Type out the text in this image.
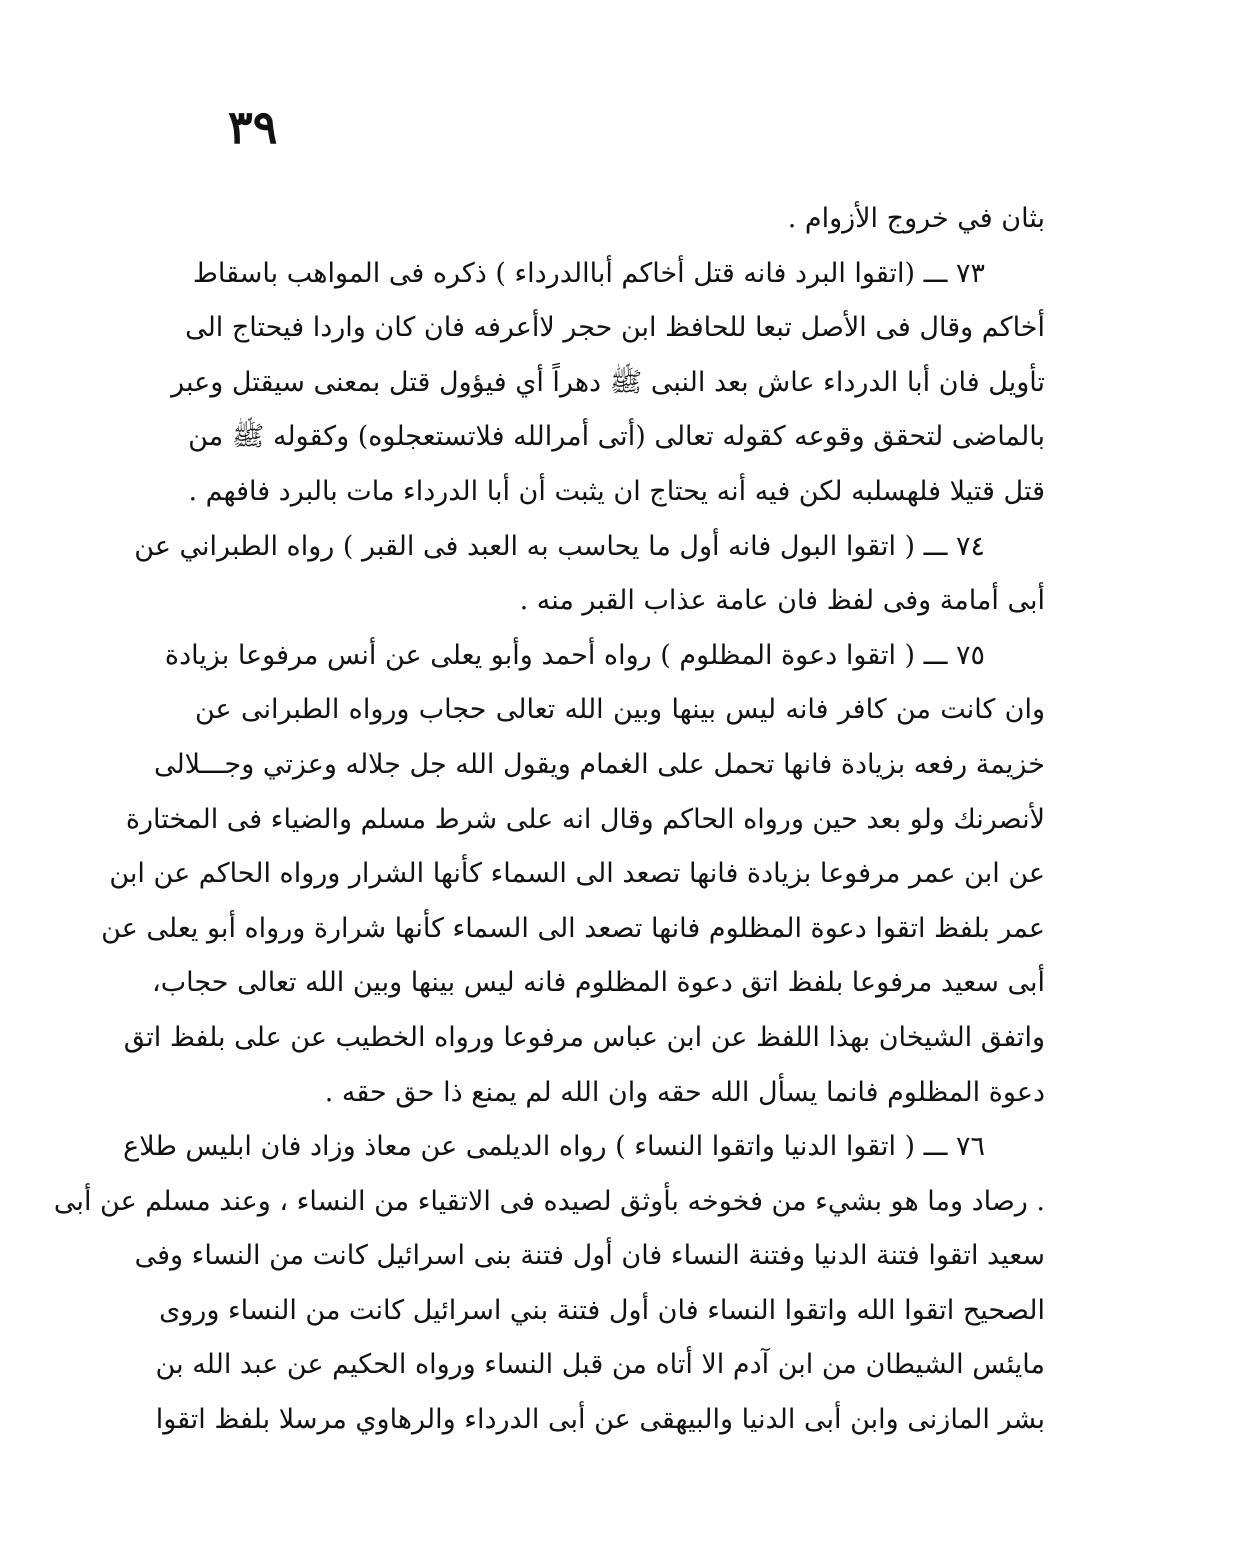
٣٩
بثان في خروج الأزوام .
٧٣ ـــ (اتقوا البرد فانه قتل أخاكم أباالدرداء ) ذكره فى المواهب باسقاط
أخاكم وقال فى الأصل تبعا للحافظ ابن حجر لاأعرفه فان كان واردا فيحتاج الى
تأويل فان أبا الدرداء عاش بعد النبى ﷺ دهراً أي فيؤول قتل بمعنى سيقتل وعبر
بالماضى لتحقق وقوعه كقوله تعالى (أتى أمرالله فلاتستعجلوه) وكقوله ﷺ من
قتل قتيلا فلهسلبه لكن فيه أنه يحتاج ان يثبت أن أبا الدرداء مات بالبرد فافهم .
٧٤ ـــ ( اتقوا البول فانه أول ما يحاسب به العبد فى القبر ) رواه الطبراني عن
أبى أمامة وفى لفظ فان عامة عذاب القبر منه .
٧٥ ـــ ( اتقوا دعوة المظلوم ) رواه أحمد وأبو يعلى عن أنس مرفوعا بزيادة
وان كانت من كافر فانه ليس بينها وبين الله تعالى حجاب ورواه الطبرانى عن
خزيمة رفعه بزيادة فانها تحمل على الغمام ويقول الله جل جلاله وعزتي وجـــلالى
لأنصرنك ولو بعد حين ورواه الحاكم وقال انه على شرط مسلم والضياء فى المختارة
عن ابن عمر مرفوعا بزيادة فانها تصعد الى السماء كأنها الشرار ورواه الحاكم عن ابن
عمر بلفظ اتقوا دعوة المظلوم فانها تصعد الى السماء كأنها شرارة ورواه أبو يعلى عن
أبى سعيد مرفوعا بلفظ اتق دعوة المظلوم فانه ليس بينها وبين الله تعالى حجاب،
واتفق الشيخان بهذا اللفظ عن ابن عباس مرفوعا ورواه الخطيب عن على بلفظ اتق
دعوة المظلوم فانما يسأل الله حقه وان الله لم يمنع ذا حق حقه .
٧٦ ـــ ( اتقوا الدنيا واتقوا النساء ) رواه الديلمى عن معاذ وزاد فان ابليس طلاع
. رصاد وما هو بشيء من فخوخه بأوثق لصيده فى الاتقياء من النساء ، وعند مسلم عن أبى
سعيد اتقوا فتنة الدنيا وفتنة النساء فان أول فتنة بنى اسرائيل كانت من النساء وفى
الصحيح اتقوا الله واتقوا النساء فان أول فتنة بني اسرائيل كانت من النساء وروى
مايئس الشيطان من ابن آدم الا أتاه من قبل النساء ورواه الحكيم عن عبد الله بن
بشر المازنى وابن أبى الدنيا والبيهقى عن أبى الدرداء والرهاوي مرسلا بلفظ اتقوا
